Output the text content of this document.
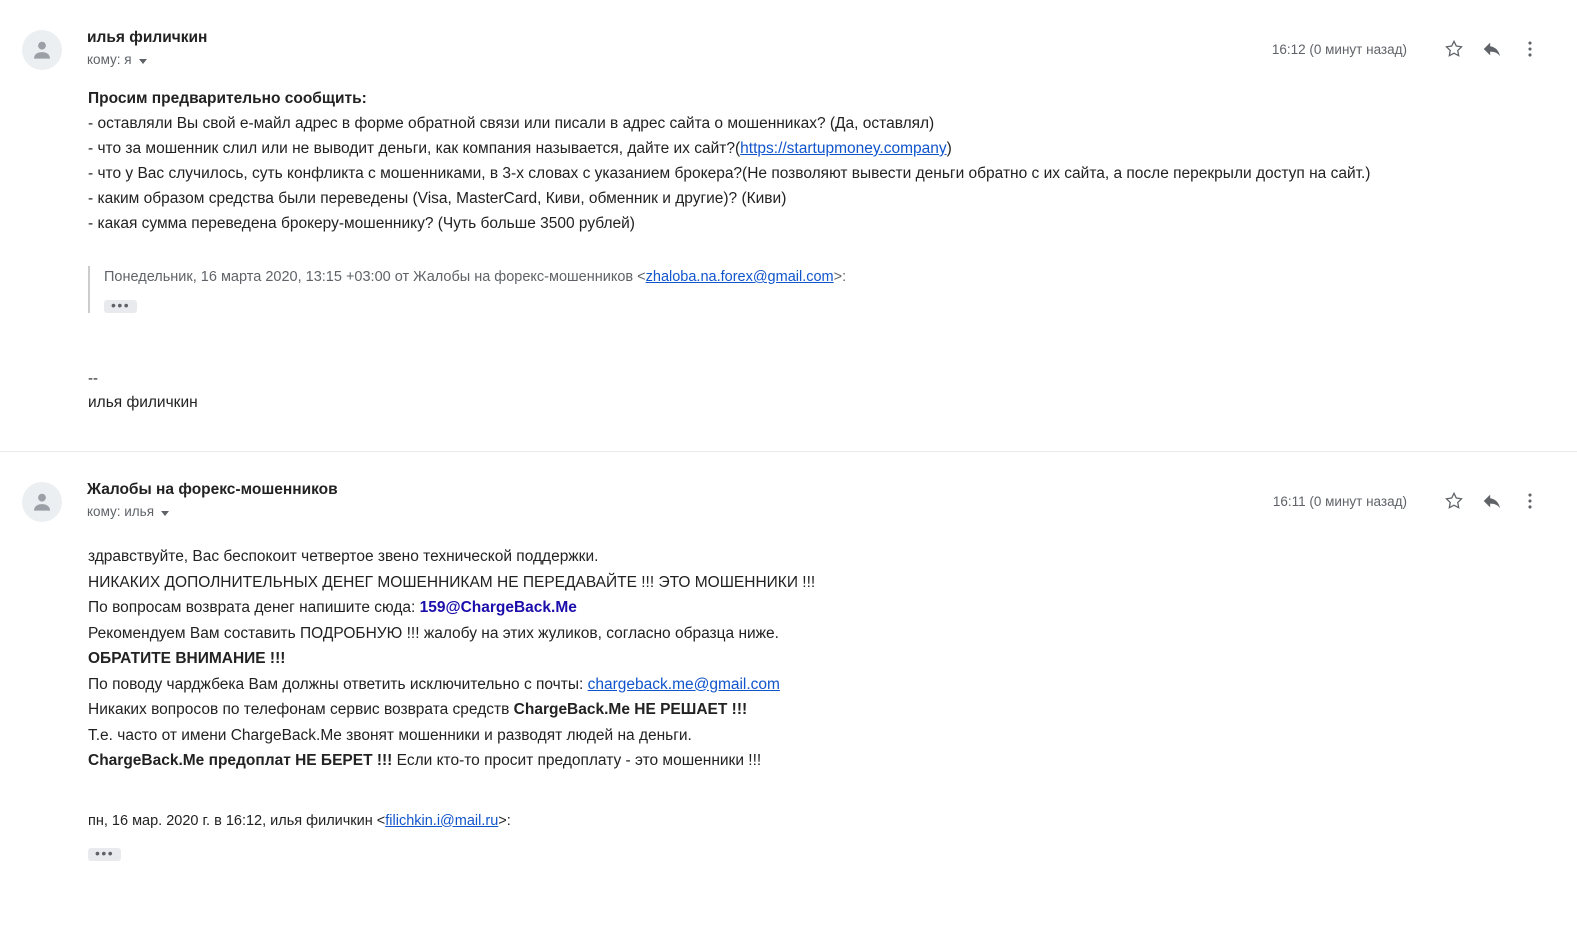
илья филичкин
кому: я
16:12 (0 минут назад)

Просим предварительно сообщить:

- оставляли Вы свой е-майл адрес в форме обратной связи или писали в адрес сайта о мошенниках? (Да, оставлял)

- что за мошенник слил или не выводит деньги, как компания называется, дайте их сайт?(https://startupmoney.company)

- что у Вас случилось, суть конфликта с мошенниками, в 3-х словах с указанием брокера?(Не позволяют вывести деньги обратно с их сайта, а после перекрыли доступ на сайт.)

- каким образом средства были переведены (Visa, MasterCard, Киви, обменник и другие)? (Киви)

- какая сумма переведена брокеру-мошеннику? (Чуть больше 3500 рублей)

Понедельник, 16 марта 2020, 13:15 +03:00 от Жалобы на форекс-мошенников <zhaloba.na.forex@gmail.com>:
•••
--
илья филичкин
Жалобы на форекс-мошенников
кому: илья
16:11 (0 минут назад)

здравствуйте, Вас беспокоит четвертое звено технической поддержки.

НИКАКИХ ДОПОЛНИТЕЛЬНЫХ ДЕНЕГ МОШЕННИКАМ НЕ ПЕРЕДАВАЙТЕ !!! ЭТО МОШЕННИКИ !!!

По вопросам возврата денег напишите сюда: 159@ChargeBack.Me

Рекомендуем Вам составить ПОДРОБНУЮ !!! жалобу на этих жуликов, согласно образца ниже.

ОБРАТИТЕ ВНИМАНИЕ !!!

По поводу чарджбека Вам должны ответить исключительно с почты: chargeback.me@gmail.com

Никаких вопросов по телефонам сервис возврата средств ChargeBack.Me НЕ РЕШАЕТ !!!

Т.е. часто от имени ChargeBack.Me звонят мошенники и разводят людей на деньги.

ChargeBack.Me предоплат НЕ БЕРЕТ !!! Если кто-то просит предоплату - это мошенники !!!

пн, 16 мар. 2020 г. в 16:12, илья филичкин <filichkin.i@mail.ru>:
•••
